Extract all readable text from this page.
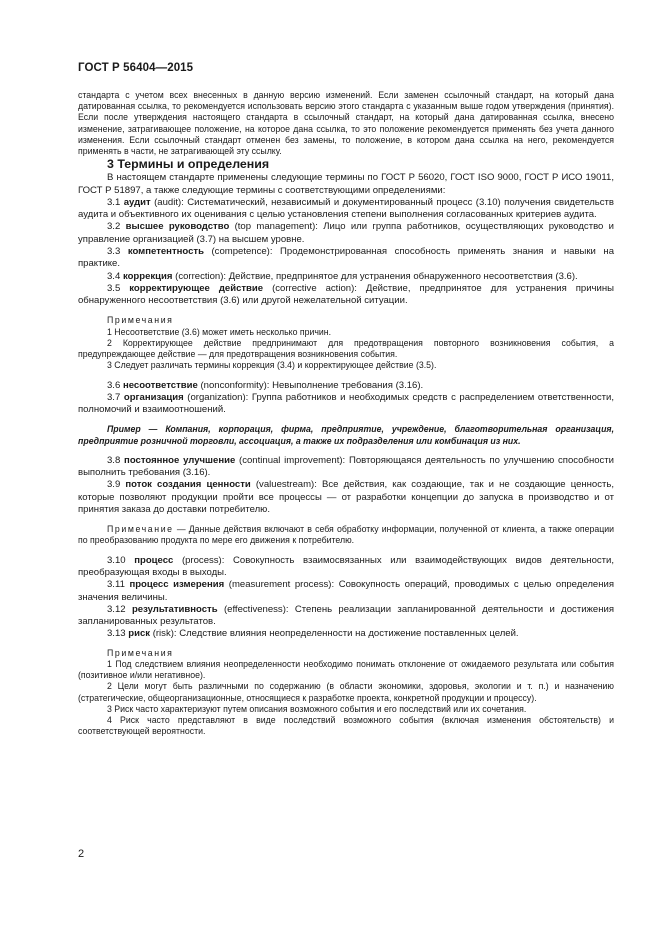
ГОСТ Р 56404—2015

стандарта с учетом всех внесенных в данную версию изменений. Если заменен ссылочный стандарт, на который дана датированная ссылка, то рекомендуется использовать версию этого стандарта с указанным выше годом утверждения (принятия). Если после утверждения настоящего стандарта в ссылочный стандарт, на который дана датированная ссылка, внесено изменение, затрагивающее положение, на которое дана ссылка, то это положение рекомендуется применять без учета данного изменения. Если ссылочный стандарт отменен без замены, то положение, в котором дана ссылка на него, рекомендуется применять в части, не затрагивающей эту ссылку.

3 Термины и определения

В настоящем стандарте применены следующие термины по ГОСТ Р 56020, ГОСТ ISO 9000, ГОСТ Р ИСО 19011, ГОСТ Р 51897, а также следующие термины с соответствующими определениями:

3.1 аудит (audit): Систематический, независимый и документированный процесс (3.10) получения свидетельств аудита и объективного их оценивания с целью установления степени выполнения согласованных критериев аудита.

3.2 высшее руководство (top management): Лицо или группа работников, осуществляющих руководство и управление организацией (3.7) на высшем уровне.

3.3 компетентность (competence): Продемонстрированная способность применять знания и навыки на практике.

3.4 коррекция (correction): Действие, предпринятое для устранения обнаруженного несоответствия (3.6).

3.5 корректирующее действие (corrective action): Действие, предпринятое для устранения причины обнаруженного несоответствия (3.6) или другой нежелательной ситуации.

Примечания

1 Несоответствие (3.6) может иметь несколько причин.

2 Корректирующее действие предпринимают для предотвращения повторного возникновения события, а предупреждающее действие — для предотвращения возникновения события.

3 Следует различать термины коррекция (3.4) и корректирующее действие (3.5).

3.6 несоответствие (nonconformity): Невыполнение требования (3.16).

3.7 организация (organization): Группа работников и необходимых средств с распределением ответственности, полномочий и взаимоотношений.

Пример — Компания, корпорация, фирма, предприятие, учреждение, благотворительная организация, предприятие розничной торговли, ассоциация, а также их подразделения или комбинация из них.

3.8 постоянное улучшение (continual improvement): Повторяющаяся деятельность по улучшению способности выполнить требования (3.16).

3.9 поток создания ценности (valuestream): Все действия, как создающие, так и не создающие ценность, которые позволяют продукции пройти все процессы — от разработки концепции до запуска в производство и от принятия заказа до доставки потребителю.

Примечание — Данные действия включают в себя обработку информации, полученной от клиента, а также операции по преобразованию продукта по мере его движения к потребителю.

3.10 процесс (process): Совокупность взаимосвязанных или взаимодействующих видов деятельности, преобразующая входы в выходы.

3.11 процесс измерения (measurement process): Совокупность операций, проводимых с целью определения значения величины.

3.12 результативность (effectiveness): Степень реализации запланированной деятельности и достижения запланированных результатов.

3.13 риск (risk): Следствие влияния неопределенности на достижение поставленных целей.

Примечания

1 Под следствием влияния неопределенности необходимо понимать отклонение от ожидаемого результата или события (позитивное и/или негативное).

2 Цели могут быть различными по содержанию (в области экономики, здоровья, экологии и т. п.) и назначению (стратегические, общеорганизационные, относящиеся к разработке проекта, конкретной продукции и процессу).

3 Риск часто характеризуют путем описания возможного события и его последствий или их сочетания.

4 Риск часто представляют в виде последствий возможного события (включая изменения обстоятельств) и соответствующей вероятности.

2
